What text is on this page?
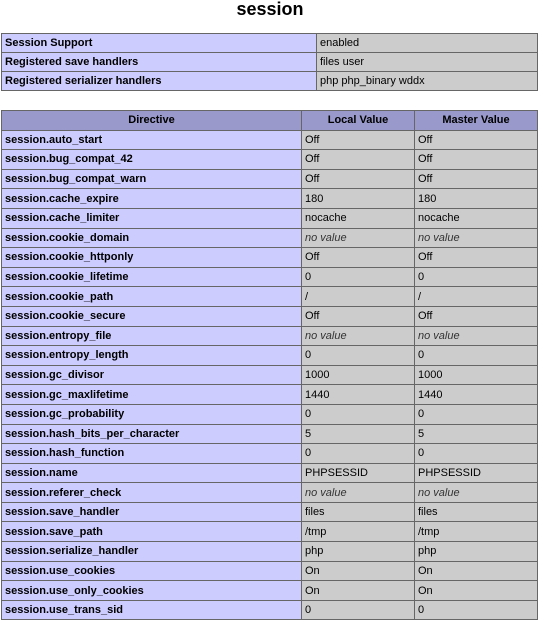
session
Session Support	enabled
Registered save handlers	files user
Registered serializer handlers	php php_binary wddx
Directive	Local Value	Master Value
session.auto_start	Off	Off
session.bug_compat_42	Off	Off
session.bug_compat_warn	Off	Off
session.cache_expire	180	180
session.cache_limiter	nocache	nocache
session.cookie_domain	no value	no value
session.cookie_httponly	Off	Off
session.cookie_lifetime	0	0
session.cookie_path	/	/
session.cookie_secure	Off	Off
session.entropy_file	no value	no value
session.entropy_length	0	0
session.gc_divisor	1000	1000
session.gc_maxlifetime	1440	1440
session.gc_probability	0	0
session.hash_bits_per_character	5	5
session.hash_function	0	0
session.name	PHPSESSID	PHPSESSID
session.referer_check	no value	no value
session.save_handler	files	files
session.save_path	/tmp	/tmp
session.serialize_handler	php	php
session.use_cookies	On	On
session.use_only_cookies	On	On
session.use_trans_sid	0	0
